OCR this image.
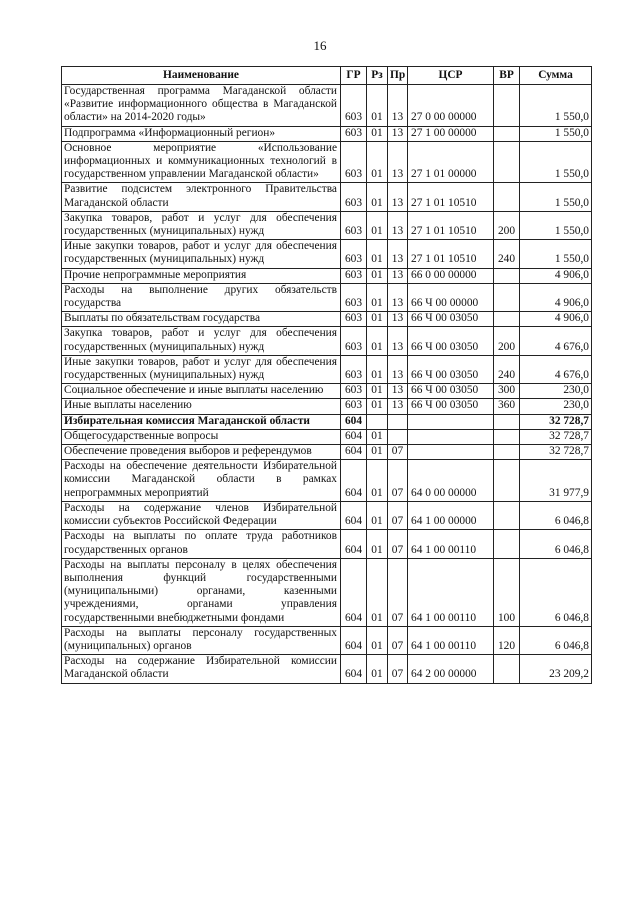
16
Наименование	ГР	Рз	Пр	ЦСР	ВР	Сумма
Государственная программа Магаданской области «Развитие информационного общества в Магаданской области» на 2014-2020 годы»	603	01	13	27 0 00 00000		1 550,0
Подпрограмма «Информационный регион»	603	01	13	27 1 00 00000		1 550,0
Основное мероприятие «Использование информационных и коммуникационных технологий в государственном управлении Магаданской области»	603	01	13	27 1 01 00000		1 550,0
Развитие подсистем электронного Правительства Магаданской области	603	01	13	27 1 01 10510		1 550,0
Закупка товаров, работ и услуг для обеспечения государственных (муниципальных) нужд	603	01	13	27 1 01 10510	200	1 550,0
Иные закупки товаров, работ и услуг для обеспечения государственных (муниципальных) нужд	603	01	13	27 1 01 10510	240	1 550,0
Прочие непрограммные мероприятия	603	01	13	66 0 00 00000		4 906,0
Расходы на выполнение других обязательств государства	603	01	13	66 Ч 00 00000		4 906,0
Выплаты по обязательствам государства	603	01	13	66 Ч 00 03050		4 906,0
Закупка товаров, работ и услуг для обеспечения государственных (муниципальных) нужд	603	01	13	66 Ч 00 03050	200	4 676,0
Иные закупки товаров, работ и услуг для обеспечения государственных (муниципальных) нужд	603	01	13	66 Ч 00 03050	240	4 676,0
Социальное обеспечение и иные выплаты населению	603	01	13	66 Ч 00 03050	300	230,0
Иные выплаты населению	603	01	13	66 Ч 00 03050	360	230,0
Избирательная комиссия Магаданской области	604					32 728,7
Общегосударственные вопросы	604	01				32 728,7
Обеспечение проведения выборов и референдумов	604	01	07			32 728,7
Расходы на обеспечение деятельности Избирательной комиссии Магаданской области в рамках непрограммных мероприятий	604	01	07	64 0 00 00000		31 977,9
Расходы на содержание членов Избирательной комиссии субъектов Российской Федерации	604	01	07	64 1 00 00000		6 046,8
Расходы на выплаты по оплате труда работников государственных органов	604	01	07	64 1 00 00110		6 046,8
Расходы на выплаты персоналу в целях обеспечения выполнения функций государственными (муниципальными) органами, казенными учреждениями, органами управления государственными внебюджетными фондами	604	01	07	64 1 00 00110	100	6 046,8
Расходы на выплаты персоналу государственных (муниципальных) органов	604	01	07	64 1 00 00110	120	6 046,8
Расходы на содержание Избирательной комиссии Магаданской области	604	01	07	64 2 00 00000		23 209,2
